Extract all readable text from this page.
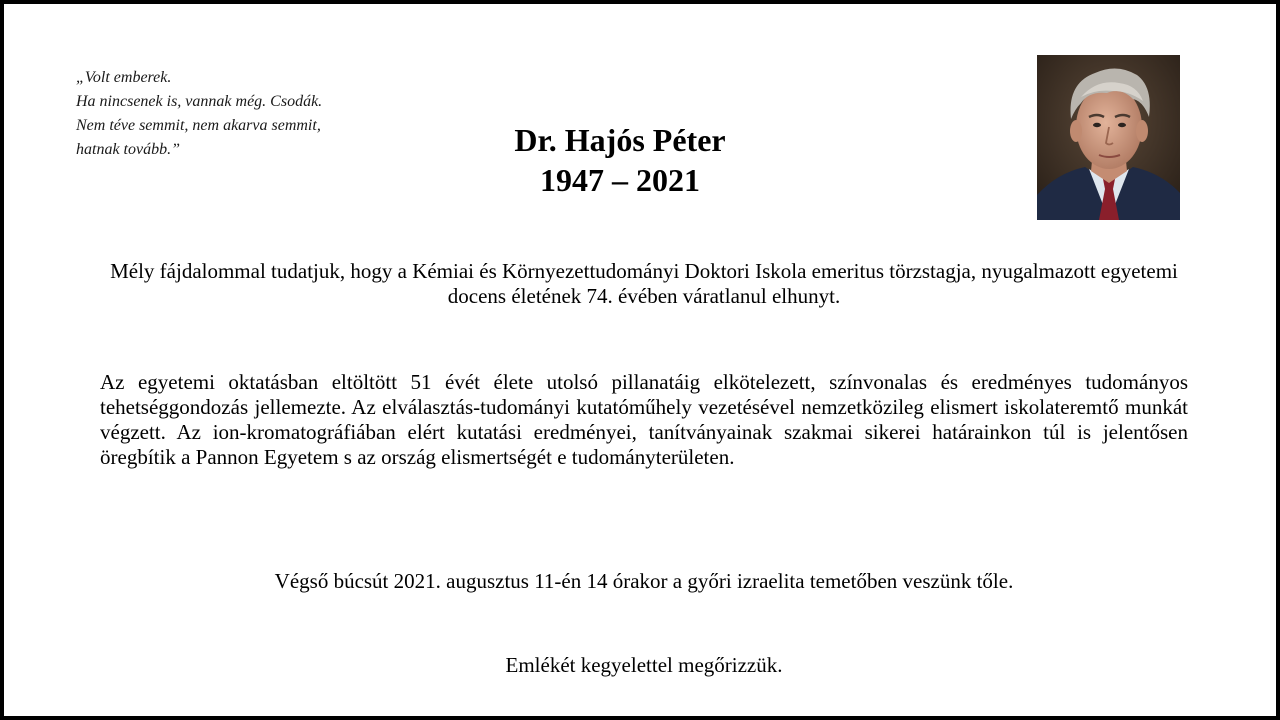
„Volt emberek.
Ha nincsenek is, vannak még. Csodák.
Nem téve semmit, nem akarva semmit,
hatnak tovább.”	Dr. Hajós Péter
1947 – 2021
Mély fájdalommal tudatjuk, hogy a Kémiai és Környezettudományi Doktori Iskola emeritus törzstagja, nyugalmazott egyetemi docens életének 74. évében váratlanul elhunyt.
Az egyetemi oktatásban eltöltött 51 évét élete utolsó pillanatáig elkötelezett, színvonalas és eredményes tudományos tehetséggondozás jellemezte. Az elválasztás-tudományi kutatóműhely vezetésével nemzetközileg elismert iskolateremtő munkát végzett. Az ion-kromatográfiában elért kutatási eredményei, tanítványainak szakmai sikerei határainkon túl is jelentősen öregbítik a Pannon Egyetem s az ország elismertségét e tudományterületen.
Végső búcsút 2021. augusztus 11-én 14 órakor a győri izraelita temetőben veszünk tőle.
Emlékét kegyelettel megőrizzük.
